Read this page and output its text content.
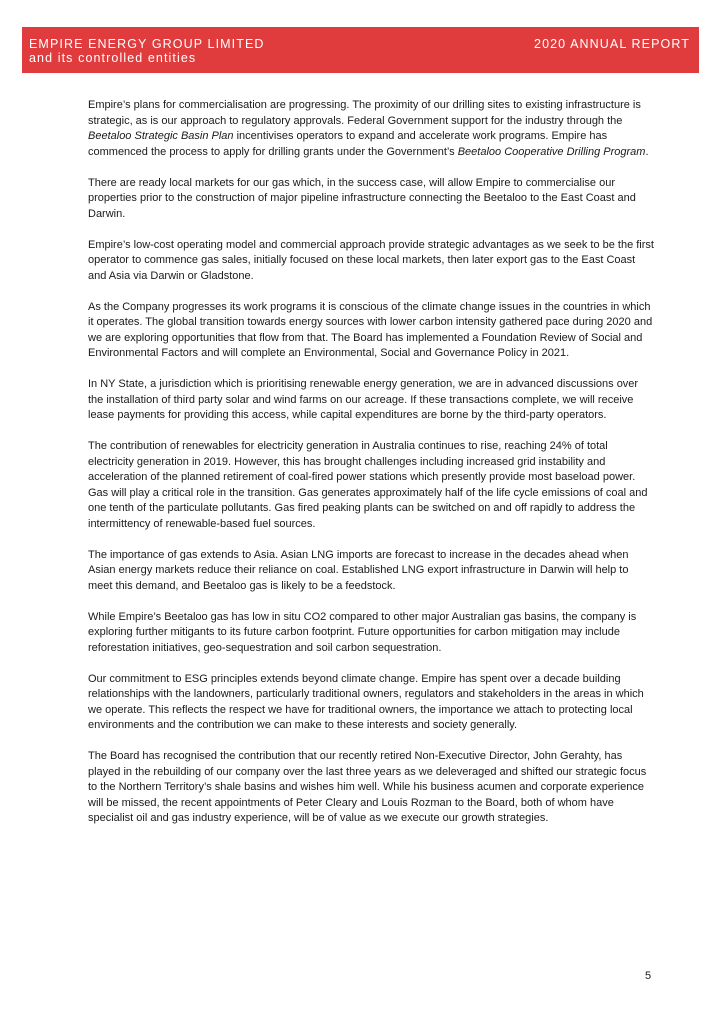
EMPIRE ENERGY GROUP LIMITED
and its controlled entities
2020 ANNUAL REPORT

Empire’s plans for commercialisation are progressing. The proximity of our drilling sites to existing infrastructure is strategic, as is our approach to regulatory approvals. Federal Government support for the industry through the Beetaloo Strategic Basin Plan incentivises operators to expand and accelerate work programs. Empire has commenced the process to apply for drilling grants under the Government’s Beetaloo Cooperative Drilling Program.

There are ready local markets for our gas which, in the success case, will allow Empire to commercialise our properties prior to the construction of major pipeline infrastructure connecting the Beetaloo to the East Coast and Darwin.

Empire’s low-cost operating model and commercial approach provide strategic advantages as we seek to be the first operator to commence gas sales, initially focused on these local markets, then later export gas to the East Coast and Asia via Darwin or Gladstone.

As the Company progresses its work programs it is conscious of the climate change issues in the countries in which it operates. The global transition towards energy sources with lower carbon intensity gathered pace during 2020 and we are exploring opportunities that flow from that. The Board has implemented a Foundation Review of Social and Environmental Factors and will complete an Environmental, Social and Governance Policy in 2021.

In NY State, a jurisdiction which is prioritising renewable energy generation, we are in advanced discussions over the installation of third party solar and wind farms on our acreage. If these transactions complete, we will receive lease payments for providing this access, while capital expenditures are borne by the third-party operators.

The contribution of renewables for electricity generation in Australia continues to rise, reaching 24% of total electricity generation in 2019. However, this has brought challenges including increased grid instability and acceleration of the planned retirement of coal-fired power stations which presently provide most baseload power. Gas will play a critical role in the transition. Gas generates approximately half of the life cycle emissions of coal and one tenth of the particulate pollutants. Gas fired peaking plants can be switched on and off rapidly to address the intermittency of renewable-based fuel sources.

The importance of gas extends to Asia. Asian LNG imports are forecast to increase in the decades ahead when Asian energy markets reduce their reliance on coal. Established LNG export infrastructure in Darwin will help to meet this demand, and Beetaloo gas is likely to be a feedstock.

While Empire’s Beetaloo gas has low in situ CO2 compared to other major Australian gas basins, the company is exploring further mitigants to its future carbon footprint. Future opportunities for carbon mitigation may include reforestation initiatives, geo-sequestration and soil carbon sequestration.

Our commitment to ESG principles extends beyond climate change. Empire has spent over a decade building relationships with the landowners, particularly traditional owners, regulators and stakeholders in the areas in which we operate. This reflects the respect we have for traditional owners, the importance we attach to protecting local environments and the contribution we can make to these interests and society generally.

The Board has recognised the contribution that our recently retired Non-Executive Director, John Gerahty, has played in the rebuilding of our company over the last three years as we deleveraged and shifted our strategic focus to the Northern Territory’s shale basins and wishes him well. While his business acumen and corporate experience will be missed, the recent appointments of Peter Cleary and Louis Rozman to the Board, both of whom have specialist oil and gas industry experience, will be of value as we execute our growth strategies.

5
